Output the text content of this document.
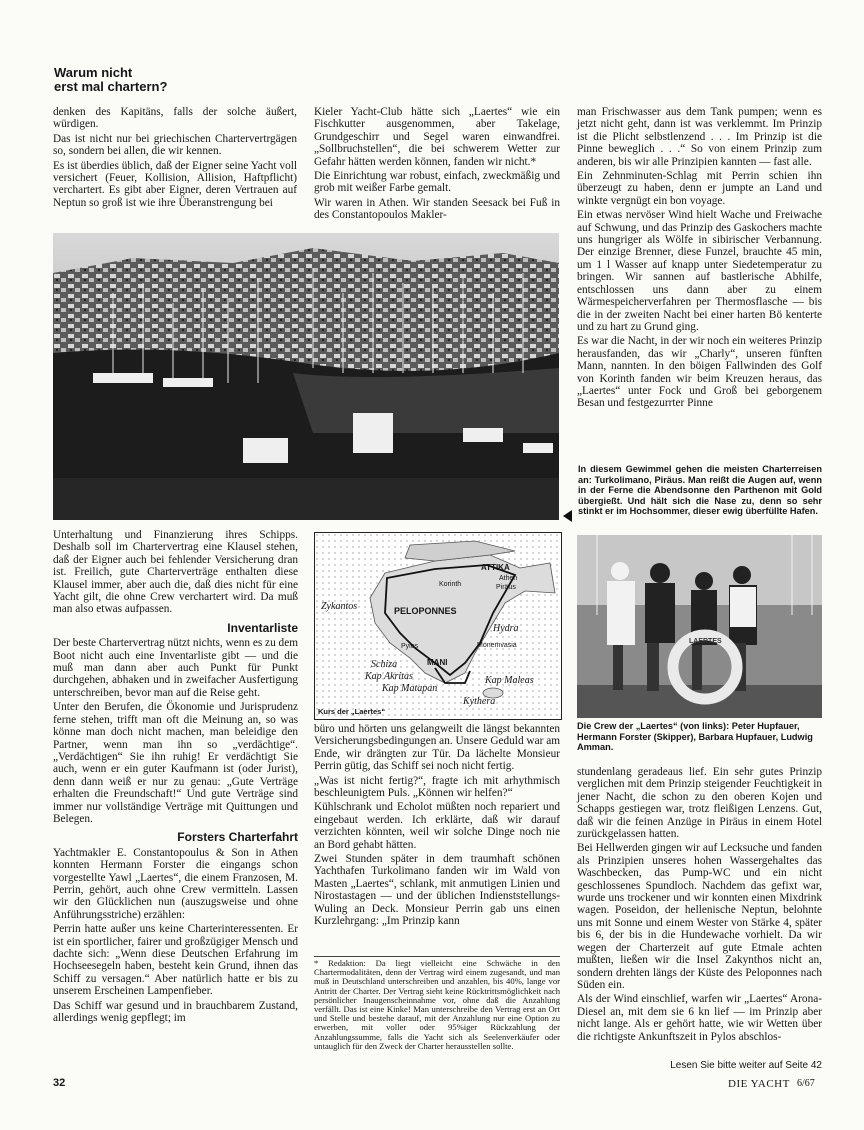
Warum nicht
erst mal chartern?

denken des Kapitäns, falls der solche äußert, würdigen.

Das ist nicht nur bei griechischen Chartervertrgägen so, sondern bei allen, die wir kennen.

Es ist überdies üblich, daß der Eigner seine Yacht voll versichert (Feuer, Kollision, Allision, Haftpflicht) verchartert. Es gibt aber Eigner, deren Vertrauen auf Neptun so groß ist wie ihre Überanstrengung bei

Kieler Yacht-Club hätte sich „Laertes“ wie ein Fischkutter ausgenommen, aber Takelage, Grundgeschirr und Segel waren einwandfrei. „Sollbruchstellen“, die bei schwerem Wetter zur Gefahr hätten werden können, fanden wir nicht.*

Die Einrichtung war robust, einfach, zweckmäßig und grob mit weißer Farbe gemalt.

Wir waren in Athen. Wir standen Seesack bei Fuß in des Constantopoulos Makler-

man Frischwasser aus dem Tank pumpen; wenn es jetzt nicht geht, dann ist was verklemmt. Im Prinzip ist die Plicht selbstlenzend . . . Im Prinzip ist die Pinne beweglich . . .“ So von einem Prinzip zum anderen, bis wir alle Prinzipien kannten — fast alle.

Ein Zehnminuten-Schlag mit Perrin schien ihn überzeugt zu haben, denn er jumpte an Land und winkte vergnügt ein bon voyage.

Ein etwas nervöser Wind hielt Wache und Freiwache auf Schwung, und das Prinzip des Gaskochers machte uns hungriger als Wölfe in sibirischer Verbannung. Der einzige Brenner, diese Funzel, brauchte 45 min, um 1 l Wasser auf knapp unter Siedetemperatur zu bringen. Wir sannen auf bastlerische Abhilfe, entschlossen uns dann aber zu einem Wärmespeicherverfahren per Thermosflasche — bis die in der zweiten Nacht bei einer harten Bö kenterte und zu hart zu Grund ging.

Es war die Nacht, in der wir noch ein weiteres Prinzip herausfanden, das wir „Charly“, unseren fünften Mann, nannten. In den böigen Fallwinden des Golf von Korinth fanden wir beim Kreuzen heraus, das „Laertes“ unter Fock und Groß bei geborgenem Besan und festgezurrter Pinne

In diesem Gewimmel gehen die meisten Charterreisen an: Turkolimano, Piräus. Man reißt die Augen auf, wenn in der Ferne die Abendsonne den Parthenon mit Gold übergießt. Und hält sich die Nase zu, denn so sehr stinkt er im Hochsommer, dieser ewig überfüllte Hafen.

Unterhaltung und Finanzierung ihres Schipps. Deshalb soll im Chartervertrag eine Klausel stehen, daß der Eigner auch bei fehlender Versicherung dran ist. Freilich, gute Charterverträge enthalten diese Klausel immer, aber auch die, daß dies nicht für eine Yacht gilt, die ohne Crew verchartert wird. Da muß man also etwas aufpassen.

Inventarliste

Der beste Chartervertrag nützt nichts, wenn es zu dem Boot nicht auch eine Inventarliste gibt — und die muß man dann aber auch Punkt für Punkt durchgehen, abhaken und in zweifacher Ausfertigung unterschreiben, bevor man auf die Reise geht.

Unter den Berufen, die Ökonomie und Jurisprudenz ferne stehen, trifft man oft die Meinung an, so was könne man doch nicht machen, man beleidige den Partner, wenn man ihn so „verdächtige“. „Verdächtigen“ Sie ihn ruhig! Er verdächtigt Sie auch, wenn er ein guter Kaufmann ist (oder Jurist), denn dann weiß er nur zu genau: „Gute Verträge erhalten die Freundschaft!“ Und gute Verträge sind immer nur vollständige Verträge mit Quittungen und Belegen.

Forsters Charterfahrt

Yachtmakler E. Constantopoulus & Son in Athen konnten Hermann Forster die eingangs schon vorgestellte Yawl „Laertes“, die einem Franzosen, M. Perrin, gehört, auch ohne Crew vermitteln. Lassen wir den Glücklichen nun (auszugsweise und ohne Anführungsstriche) erzählen:

Perrin hatte außer uns keine Charterinteressenten. Er ist ein sportlicher, fairer und großzügiger Mensch und dachte sich: „Wenn diese Deutschen Erfahrung im Hochseesegeln haben, besteht kein Grund, ihnen das Schiff zu versagen.“ Aber natürlich hatte er bis zu unserem Erscheinen Lampenfieber.

Das Schiff war gesund und in brauchbarem Zustand, allerdings wenig gepflegt; im

ATTIKA
Athen
Piräus
Korinth
PELOPONNES
Zykantos
Pylos
Hydra
Monemvasia
MANI
Schiza
Kap Akritas
Kap Matapan
Kap Maleas
Kythera
Kurs der „Laertes“

büro und hörten uns gelangweilt die längst bekannten Versicherungsbedingungen an. Unsere Geduld war am Ende, wir drängten zur Tür. Da lächelte Monsieur Perrin gütig, das Schiff sei noch nicht fertig.

„Was ist nicht fertig?“, fragte ich mit arhythmisch beschleunigtem Puls. „Können wir helfen?“

Kühlschrank und Echolot müßten noch repariert und eingebaut werden. Ich erklärte, daß wir darauf verzichten könnten, weil wir solche Dinge noch nie an Bord gehabt hätten.

Zwei Stunden später in dem traumhaft schönen Yachthafen Turkolimano fanden wir im Wald von Masten „Laertes“, schlank, mit anmutigen Linien und Nirostastagen — und der üblichen Indienststellungs-Wuling an Deck. Monsieur Perrin gab uns einen Kurzlehrgang: „Im Prinzip kann

* Redaktion: Da liegt vielleicht eine Schwäche in den Chartermodalitäten, denn der Vertrag wird einem zugesandt, und man muß in Deutschland unterschreiben und anzahlen, bis 40%, lange vor Antritt der Charter. Der Vertrag sieht keine Rücktrittsmöglichkeit nach persönlicher Inaugenscheinnahme vor, ohne daß die Anzahlung verfällt. Das ist eine Kinke! Man unterschreibe den Vertrag erst an Ort und Stelle und bestehe darauf, mit der Anzahlung nur eine Option zu erwerben, mit voller oder 95%iger Rückzahlung der Anzahlungssumme, falls die Yacht sich als Seelenverkäufer oder untauglich für den Zweck der Charter herausstellen sollte.
LAERTES
Die Crew der „Laertes“ (von links): Peter Hupfauer, Hermann Forster (Skipper), Barbara Hupfauer, Ludwig Amman.

stundenlang geradeaus lief. Ein sehr gutes Prinzip verglichen mit dem Prinzip steigender Feuchtigkeit in jener Nacht, die schon zu den oberen Kojen und Schapps gestiegen war, trotz fleißigen Lenzens. Gut, daß wir die feinen Anzüge in Piräus in einem Hotel zurückgelassen hatten.

Bei Hellwerden gingen wir auf Lecksuche und fanden als Prinzipien unseres hohen Wassergehaltes das Waschbecken, das Pump-WC und ein nicht geschlossenes Spundloch. Nachdem das gefixt war, wurde uns trockener und wir konnten einen Mixdrink wagen. Poseidon, der hellenische Neptun, belohnte uns mit Sonne und einem Wester von Stärke 4, später bis 6, der bis in die Hundewache vorhielt. Da wir wegen der Charterzeit auf gute Etmale achten mußten, ließen wir die Insel Zakynthos nicht an, sondern drehten längs der Küste des Peloponnes nach Süden ein.

Als der Wind einschlief, warfen wir „Laertes“ Arona-Diesel an, mit dem sie 6 kn lief — im Prinzip aber nicht lange. Als er gehört hatte, wie wir Wetten über die richtigste Ankunftszeit in Pylos abschlos-

Lesen Sie bitte weiter auf Seite 42
32	DIE YACHT 6/67
